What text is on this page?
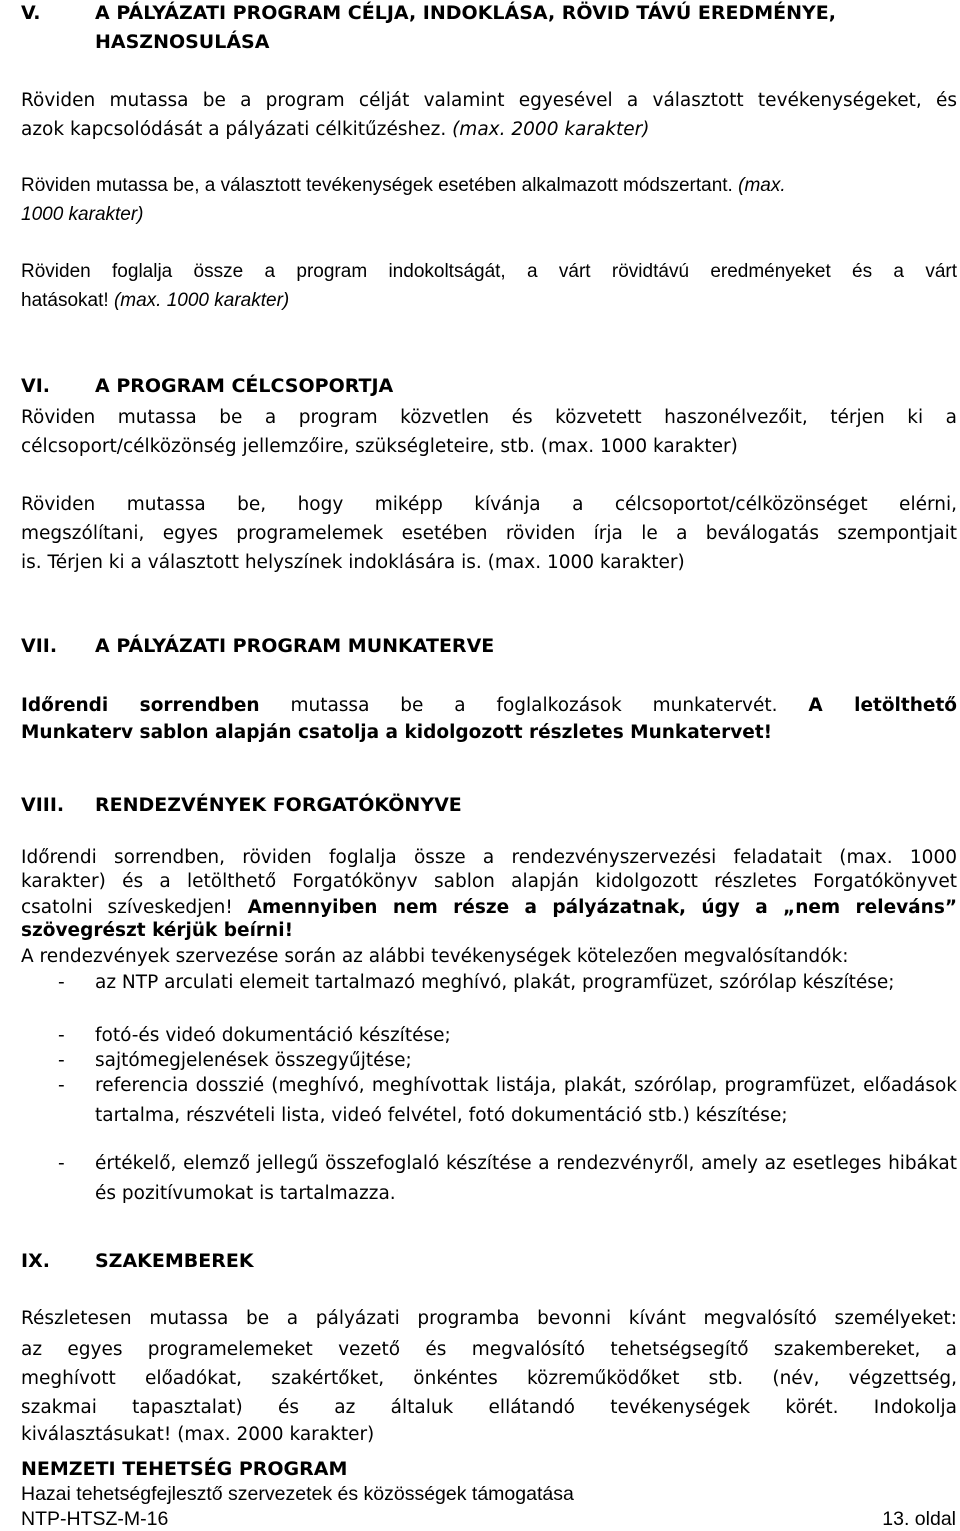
V.	A PÁLYÁZATI PROGRAM CÉLJA, INDOKLÁSA, RÖVID TÁVÚ EREDMÉNYE,
HASZNOSULÁSA
Röviden mutassa be a program célját valamint egyesével a választott tevékenységeket, és
azok kapcsolódását a pályázati célkitűzéshez. (max. 2000 karakter)
Röviden mutassa be, a választott tevékenységek esetében alkalmazott módszertant. (max.
1000 karakter)
Röviden foglalja össze a program indokoltságát, a várt rövidtávú eredményeket és a várt
hatásokat! (max. 1000 karakter)
VI. A PROGRAM CÉLCSOPORTJA
Röviden mutassa be a program közvetlen és közvetett haszonélvezőit, térjen ki a
célcsoport/célközönség jellemzőire, szükségleteire, stb. (max. 1000 karakter)
Röviden mutassa be, hogy miképp kívánja a célcsoportot/célközönséget elérni,
megszólítani, egyes programelemek esetében röviden írja le a beválogatás szempontjait
is. Térjen ki a választott helyszínek indoklására is. (max. 1000 karakter)
VII. A PÁLYÁZATI PROGRAM MUNKATERVE
Időrendi sorrendben mutassa be a foglalkozások munkatervét. A letölthető
Munkaterv sablon alapján csatolja a kidolgozott részletes Munkatervet!
VIII. RENDEZVÉNYEK FORGATÓKÖNYVE
Időrendi sorrendben, röviden foglalja össze a rendezvényszervezési feladatait (max. 1000
karakter) és a letölthető Forgatókönyv sablon alapján kidolgozott részletes Forgatókönyvet
csatolni szíveskedjen! Amennyiben nem része a pályázatnak, úgy a „nem releváns”
szövegrészt kérjük beírni!
A rendezvények szervezése során az alábbi tevékenységek kötelezően megvalósítandók:
- az NTP arculati elemeit tartalmazó meghívó, plakát, programfüzet, szórólap készítése;
- fotó-és videó dokumentáció készítése;
- sajtómegjelenések összegyűjtése;
- referencia dosszié (meghívó, meghívottak listája, plakát, szórólap, programfüzet, előadások tartalma, részvételi lista, videó felvétel, fotó dokumentáció stb.) készítése;
- értékelő, elemző jellegű összefoglaló készítése a rendezvényről, amely az esetleges hibákat és pozitívumokat is tartalmazza.
IX. SZAKEMBEREK
Részletesen mutassa be a pályázati programba bevonni kívánt megvalósító személyeket:
az egyes programelemeket vezető és megvalósító tehetségsegítő szakembereket, a
meghívott előadókat, szakértőket, önkéntes közreműködőket stb. (név, végzettség,
szakmai tapasztalat) és az általuk ellátandó tevékenységek körét. Indokolja
kiválasztásukat! (max. 2000 karakter)
NEMZETI TEHETSÉG PROGRAM
Hazai tehetségfejlesztő szervezetek és közösségek támogatása
NTP-HTSZ-M-16	13. oldal
